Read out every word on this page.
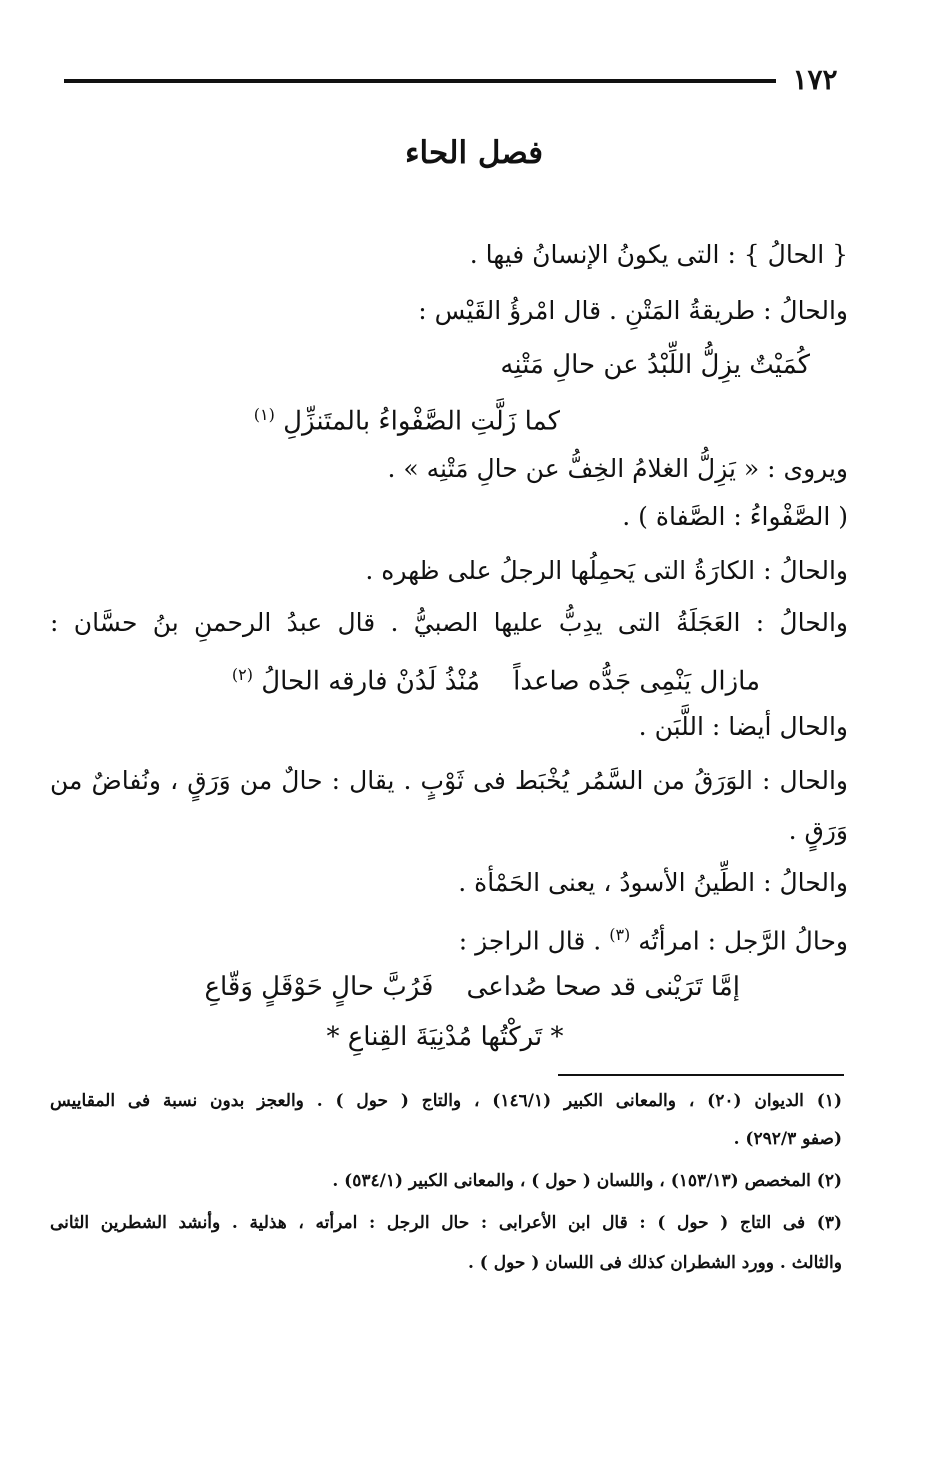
١٧٢
فصل الحاء
{ الحالُ } : التى يكونُ الإنسانُ فيها .
والحالُ : طريقةُ المَتْنِ . قال امْرؤُ القَيْس :
كُمَيْتٌ يزِلُّ اللِّبْدُ عن حالِ مَتْنِه
كما زَلَّتِ الصَّفْواءُ بالمتَنزِّلِ $^{(١)}$
ويروى : « يَزِلُّ الغلامُ الخِفُّ عن حالِ مَتْنِه » .
( الصَّفْواءُ : الصَّفاة ) .
والحالُ : الكارَةُ التى يَحمِلُها الرجلُ على ظهره .
والحالُ : العَجَلَةُ التى يدِبُّ عليها الصبيُّ . قال عبدُ الرحمنِ بنُ حسَّان :
مازال يَنْمِى جَدُّه صاعداً    مُنْذُ لَدُنْ فارقه الحالُ $^{(٢)}$
والحال أيضا : اللَّبَن .
والحال : الوَرَقُ من السَّمُر يُخْبَط فى ثَوْبٍ . يقال : حالٌ من وَرَقٍ ، ونُفاضٌ من
وَرَقٍ .
والحالُ : الطِّينُ الأسودُ ، يعنى الحَمْأة .
وحالُ الرَّجل : امرأتُه $^{(٣)}$ . قال الراجز :
إمَّا تَرَيْنى قد صحا صُداعى    فَرُبَّ حالٍ حَوْقَلٍ وَقّاعِ
* تَركْتُها مُدْنِيَةَ القِناعِ *
(١) الديوان (٢٠) ، والمعانى الكبير (١٤٦/١) ، والتاج ( حول ) . والعجز بدون نسبة فى المقاييس
(صفو ٢٩٢/٣) .
(٢) المخصص (١٥٣/١٣) ، واللسان ( حول ) ، والمعانى الكبير (٥٣٤/١) .
(٣) فى التاج ( حول ) : قال ابن الأعرابى : حال الرجل : امرأته ، هذلية . وأنشد الشطرين الثانى
والثالث . وورد الشطران كذلك فى اللسان ( حول ) .
